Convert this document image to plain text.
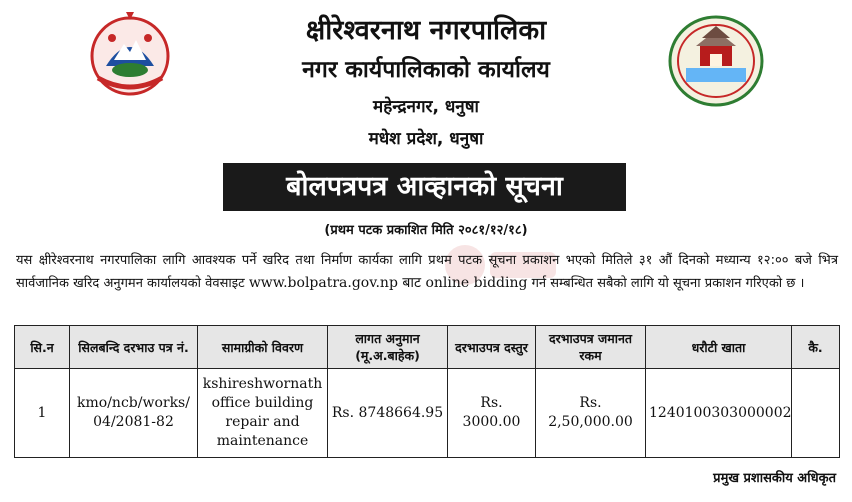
क्षीरेश्वरनाथ नगरपालिका
नगर कार्यपालिकाको कार्यालय
महेन्द्रनगर, धनुषा
मधेश प्रदेश, धनुषा
बोलपत्रपत्र आव्हानको सूचना
(प्रथम पटक प्रकाशित मिति २०८१/१२/१८)
यस क्षीरेश्वरनाथ नगरपालिका लागि आवश्यक पर्ने खरिद तथा निर्माण कार्यका लागि प्रथम पटक सूचना प्रकाशन भएको मितिले ३१ औं दिनको मध्यान्य १२:०० बजे भित्र सार्वजानिक खरिद अनुगमन कार्यालयको वेवसाइट www.bolpatra.gov.np बाट online bidding गर्न सम्बन्धित सबैको लागि यो सूचना प्रकाशन गरिएको छ ।
सि.न	सिलबन्दि दरभाउ पत्र नं.	सामाग्रीको विवरण	लागत अनुमान (मू.अ.बाहेक)	दरभाउपत्र दस्तुर	दरभाउपत्र जमानत रकम	धरौटी खाता	कै.
1	kmo/ncb/works/ 04/2081-82	kshireshwornath office building repair and maintenance	Rs. 8748664.95	Rs. 3000.00	Rs. 2,50,000.00	1240100303000002	
प्रमुख प्रशासकीय अधिकृत
